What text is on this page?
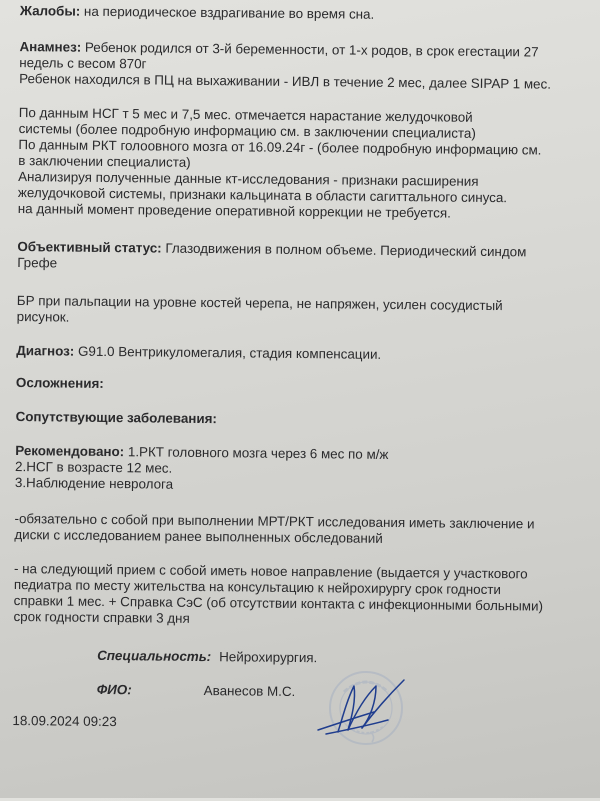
Жалобы: на периодическое вздрагивание во время сна.

Анамнез: Ребенок родился от 3-й беременности, от 1-х родов, в срок егестации 27
недель с весом 870г
Ребенок находился в ПЦ на выхаживании - ИВЛ в течение 2 мес, далее SIPAP 1 мес.

По данным НСГ т 5 мес и 7,5 мес. отмечается нарастание желудочковой
системы (более подробную информацию см. в заключении специалиста)
По данным РКТ голоовного мозга от 16.09.24г - (более подробную информацию см.
в заключении специалиста)
Анализируя полученные данные кт-исследования - признаки расширения
желудочковой системы, признаки кальцината в области сагиттального синуса.
на данный момент проведение оперативной коррекции не требуется.

Объективный статус: Глазодвижения в полном объеме. Периодический синдом
Грефе

БР при пальпации на уровне костей черепа, не напряжен, усилен сосудистый
рисунок.

Диагноз: G91.0 Вентрикуломегалия, стадия компенсации.

Осложнения:

Сопутствующие заболевания:

Рекомендовано: 1.РКТ головного мозга через 6 мес по м/ж
2.НСГ в возрасте 12 мес.
3.Наблюдение невролога

-обязательно с собой при выполнении МРТ/РКТ исследования иметь заключение и
диски с исследованием ранее выполненных обследований

- на следующий прием с собой иметь новое направление (выдается у участкового
педиатра по месту жительства на консультацию к нейрохирургу срок годности
справки 1 мес. + Справка СэС (об отсутствии контакта с инфекционными больными)
срок годности справки 3 дня

Специальность: Нейрохирургия.

ФИО:	Аванесов М.С.

18.09.2024 09:23
